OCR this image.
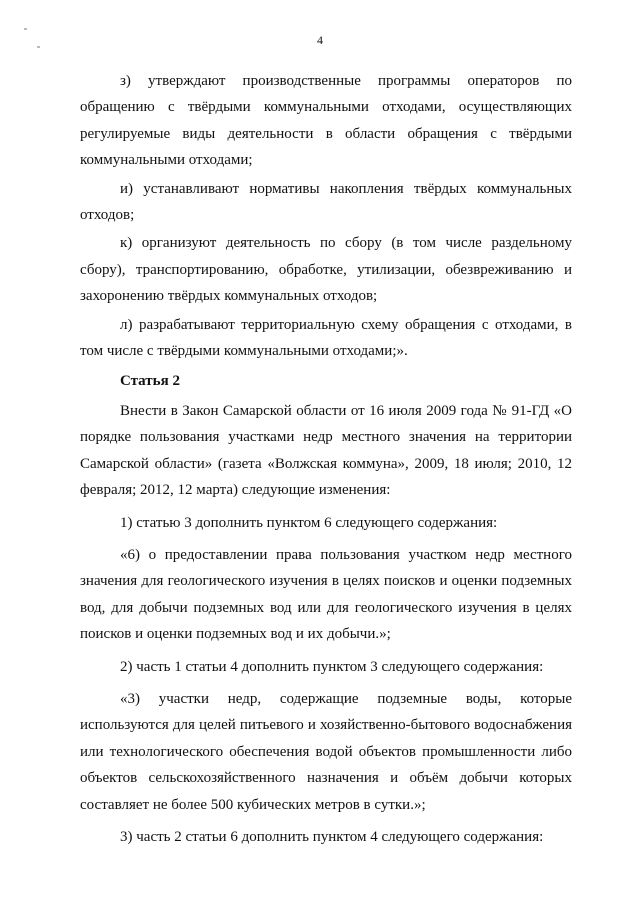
4

з) утверждают производственные программы операторов по обращению с твёрдыми коммунальными отходами, осуществляющих регулируемые виды деятельности в области обращения с твёрдыми коммунальными отходами;

и) устанавливают нормативы накопления твёрдых коммунальных отходов;

к) организуют деятельность по сбору (в том числе раздельному сбору), транспортированию, обработке, утилизации, обезвреживанию и захоронению твёрдых коммунальных отходов;

л) разрабатывают территориальную схему обращения с отходами, в том числе с твёрдыми коммунальными отходами;».

Статья 2

Внести в Закон Самарской области от 16 июля 2009 года № 91-ГД «О порядке пользования участками недр местного значения на территории Самарской области» (газета «Волжская коммуна», 2009, 18 июля; 2010, 12 февраля; 2012, 12 марта) следующие изменения:

1) статью 3 дополнить пунктом 6 следующего содержания:

«6) о предоставлении права пользования участком недр местного значения для геологического изучения в целях поисков и оценки подземных вод, для добычи подземных вод или для геологического изучения в целях поисков и оценки подземных вод и их добычи.»;

2) часть 1 статьи 4 дополнить пунктом 3 следующего содержания:

«3) участки недр, содержащие подземные воды, которые используются для целей питьевого и хозяйственно-бытового водоснабжения или технологического обеспечения водой объектов промышленности либо объектов сельскохозяйственного назначения и объём добычи которых составляет не более 500 кубических метров в сутки.»;

3) часть 2 статьи 6 дополнить пунктом 4 следующего содержания:
